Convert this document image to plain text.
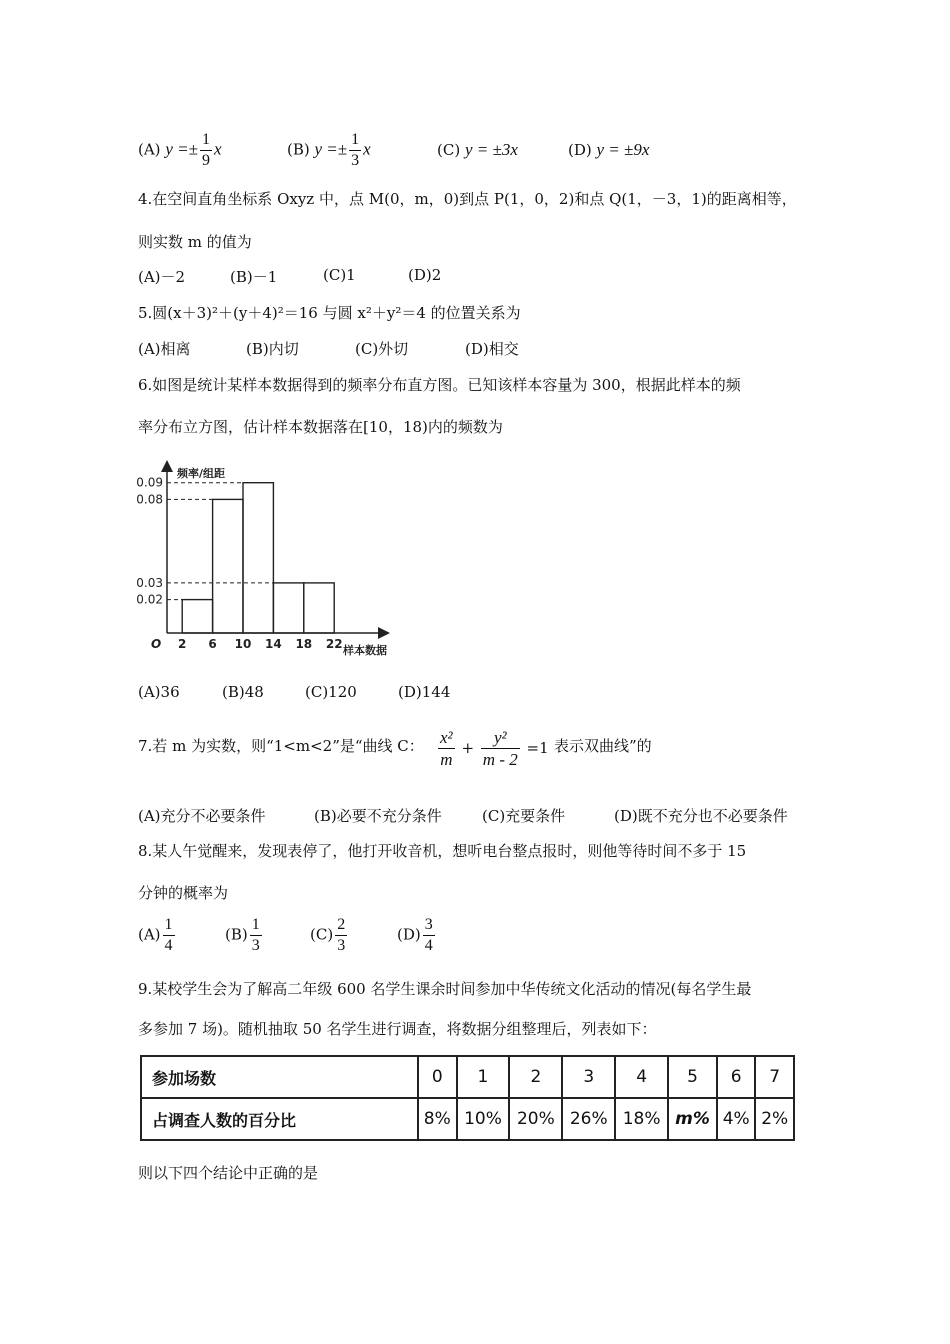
(A) $y =\pm \frac{1}{9}$ x	(B) $y =\pm \frac{1}{3}$ x	(C) y = ±3x	(D) y = ±9x
4.在空间直角坐标系 Oxyz 中，点 M(0，m，0)到点 P(1，0，2)和点 Q(1，－3，1)的距离相等，
则实数 m 的值为
(A)－2	(B)－1	(C)1	(D)2
5.圆(x＋3)²＋(y＋4)²＝16 与圆 x²＋y²＝4 的位置关系为
(A)相离	(B)内切	(C)外切	(D)相交
6.如图是统计某样本数据得到的频率分布直方图。已知该样本容量为 300，根据此样本的频
率分布立方图，估计样本数据落在[10，18)内的频数为
0.09
0.08
0.03
0.02
2 6 10 14 18 22
O
频率/组距
样本数据
(A)36	(B)48	(C)120	(D)144
7.若 m 为实数，则“1<m<2”是“曲线 C： $\frac{\text{x²}}{m} + \frac{\text{y²}}{m - 2} =1$ 表示双曲线”的
(A)充分不必要条件	(B)必要不充分条件	(C)充要条件	(D)既不充分也不必要条件
8.某人午觉醒来，发现表停了，他打开收音机，想听电台整点报时，则他等待时间不多于 15
分钟的概率为
$(A) \frac{1}{4}$	$(B) \frac{1}{3}$	$(C) \frac{2}{3}$	$(D) \frac{3}{4}$
9.某校学生会为了解高二年级 600 名学生课余时间参加中华传统文化活动的情况(每名学生最
多参加 7 场)。随机抽取 50 名学生进行调查，将数据分组整理后，列表如下：
参加场数	0	1	2	3	4	5	6	7
占调查人数的百分比	8%	10%	20%	26%	18%	m%	4%	2%
则以下四个结论中正确的是
